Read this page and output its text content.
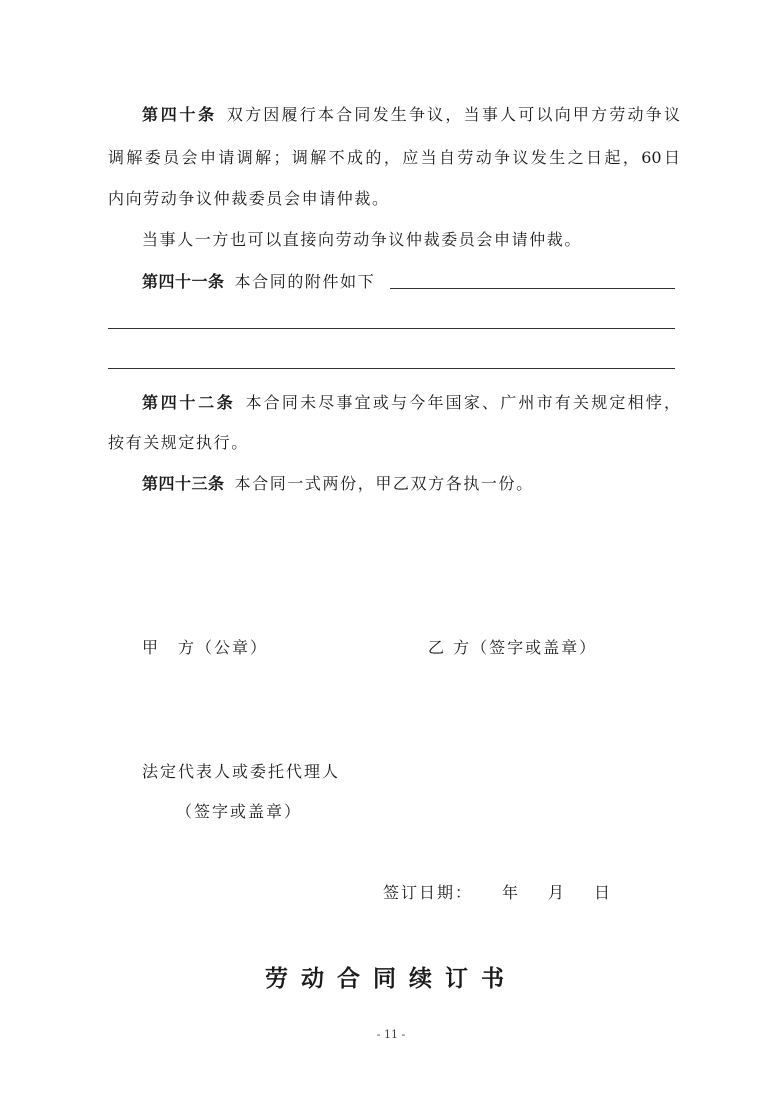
第四十条 双方因履行本合同发生争议，当事人可以向甲方劳动争议
调解委员会申请调解；调解不成的，应当自劳动争议发生之日起，60日
内向劳动争议仲裁委员会申请仲裁。
当事人一方也可以直接向劳动争议仲裁委员会申请仲裁。
第四十一条 本合同的附件如下
第四十二条 本合同未尽事宜或与今年国家、广州市有关规定相悖，
按有关规定执行。
第四十三条 本合同一式两份，甲乙双方各执一份。
甲　方（公章）	乙 方（签字或盖章）
法定代表人或委托代理人
（签字或盖章）
签订日期： 年 月 日
劳动合同续订书
- 11 -
